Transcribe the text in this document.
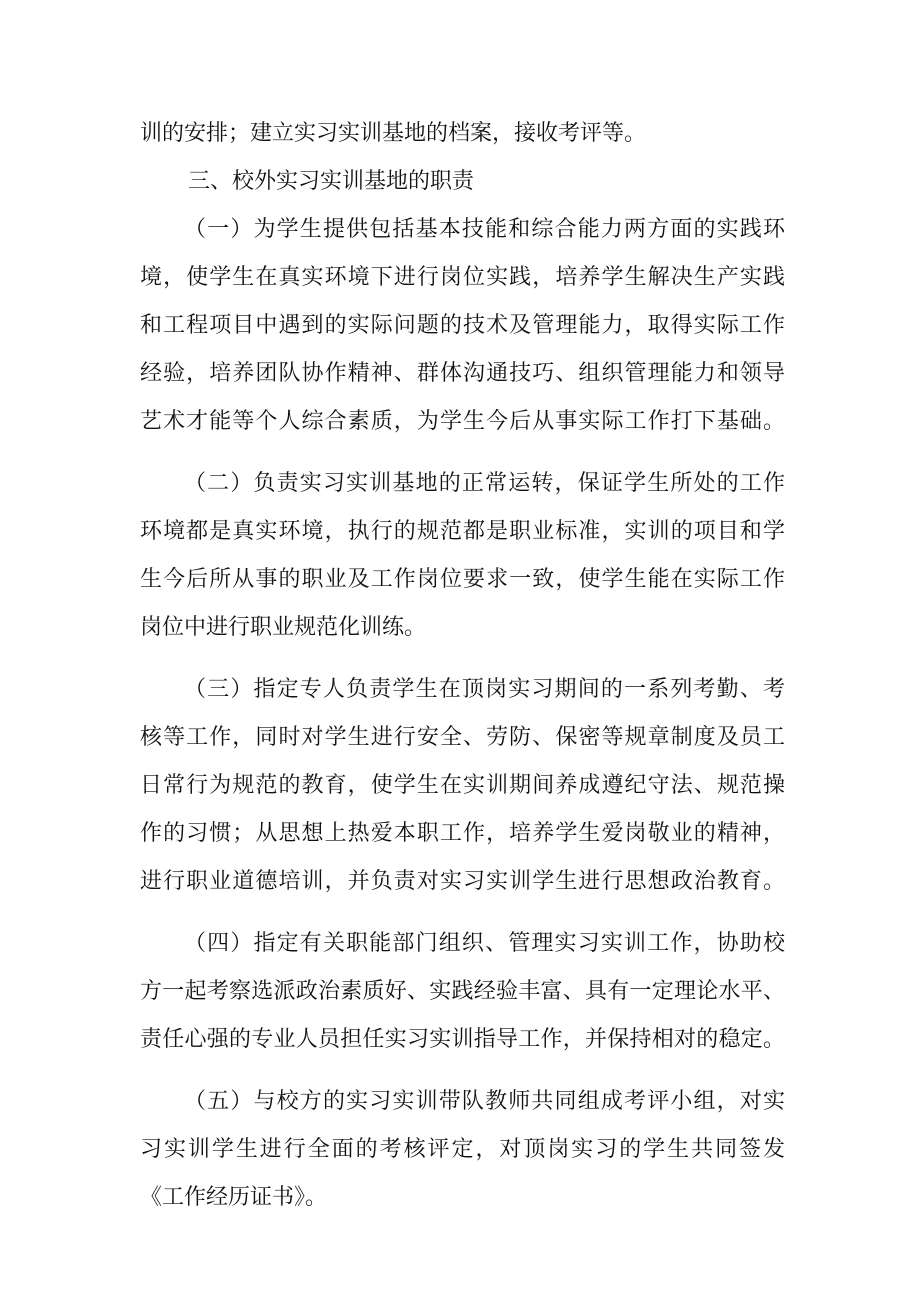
训的安排；建立实习实训基地的档案，接收考评等。
三、校外实习实训基地的职责
（一）为学生提供包括基本技能和综合能力两方面的实践环
境，使学生在真实环境下进行岗位实践，培养学生解决生产实践
和工程项目中遇到的实际问题的技术及管理能力，取得实际工作
经验，培养团队协作精神、群体沟通技巧、组织管理能力和领导
艺术才能等个人综合素质，为学生今后从事实际工作打下基础。
（二）负责实习实训基地的正常运转，保证学生所处的工作
环境都是真实环境，执行的规范都是职业标准，实训的项目和学
生今后所从事的职业及工作岗位要求一致，使学生能在实际工作
岗位中进行职业规范化训练。
（三）指定专人负责学生在顶岗实习期间的一系列考勤、考
核等工作，同时对学生进行安全、劳防、保密等规章制度及员工
日常行为规范的教育，使学生在实训期间养成遵纪守法、规范操
作的习惯；从思想上热爱本职工作，培养学生爱岗敬业的精神，
进行职业道德培训，并负责对实习实训学生进行思想政治教育。
（四）指定有关职能部门组织、管理实习实训工作，协助校
方一起考察选派政治素质好、实践经验丰富、具有一定理论水平、
责任心强的专业人员担任实习实训指导工作，并保持相对的稳定。
（五）与校方的实习实训带队教师共同组成考评小组，对实
习实训学生进行全面的考核评定，对顶岗实习的学生共同签发
《工作经历证书》。
